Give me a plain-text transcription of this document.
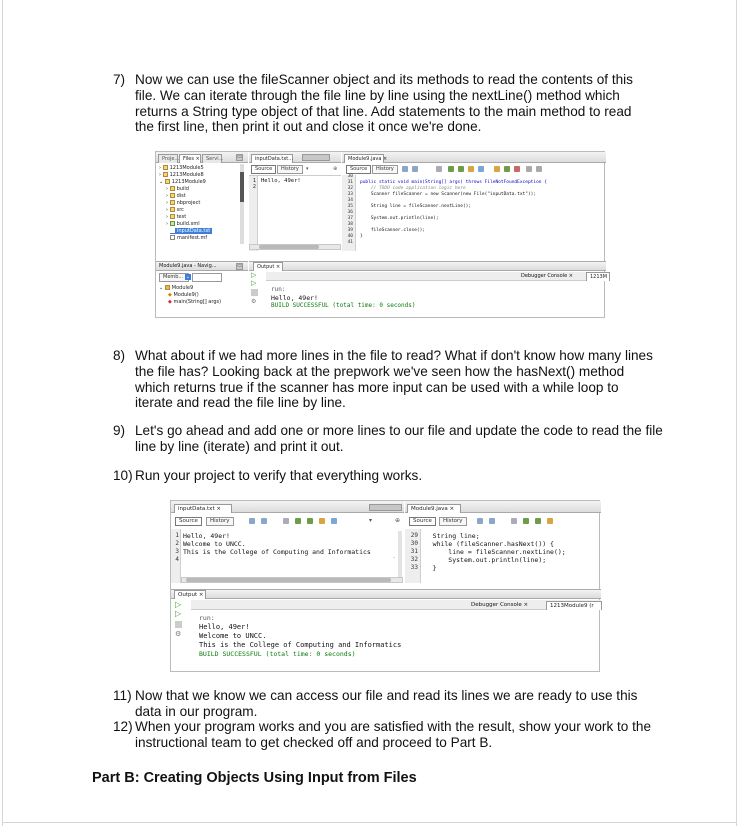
7) Now we can use the fileScanner object and its methods to read the contents of this file. We can iterate through the file line by line using the nextLine() method which returns a String type object of that line. Add statements to the main method to read the first line, then print it out and close it once we're done.
Proje... Files ×	Servi...	▭
› 1213Module5
› 1213Module8
⌄ 1213Module9
› build
› dist
› nbproject
› src
› test
› build.xml
inputData.txt
manifest.mf
inputData.txt...
Source	History	▾	⊕
1
2
Hello, 49er!
Module9.java ×
Source	History
30
31
32
33
34
35
36
37
38
39
40
41
public static void main(String[] args) throws FileNotFoundException {
// TODO code application logic here
Scanner fileScanner = new Scanner(new File("inputData.txt"));
String line = fileScanner.nextLine();
System.out.println(line);
fileScanner.close();
}
Module9.java - Navig...	▭
Memb... ⌄
⌄ Module9
◆ Module9()
◆ main(String[] args)
Output ×
Debugger Console ×	1213M
▷
▷
⚙
run:
Hello, 49er!
BUILD SUCCESSFUL (total time: 0 seconds)
8) What about if we had more lines in the file to read? What if don't know how many lines the file has? Looking back at the prepwork we've seen how the hasNext() method which returns true if the scanner has more input can be used with a while loop to iterate and read the file line by line.
9) Let's go ahead and add one or more lines to our file and update the code to read the file line by line (iterate) and print it out.
10) Run your project to verify that everything works.
inputData.txt ×
Source	History	▾	⊕
1
2
3
4
Hello, 49er!
Welcome to UNCC.
This is the College of Computing and Informatics
.
Module9.java ×
Source	History
29
30
31
32
33
String line;
while (fileScanner.hasNext()) {
line = fileScanner.nextLine();
System.out.println(line);
}
Output ×
Debugger Console ×	1213Module9 (r
▷
▷
⚙
run:
Hello, 49er!
Welcome to UNCC.
This is the College of Computing and Informatics
BUILD SUCCESSFUL (total time: 0 seconds)
11) Now that we know we can access our file and read its lines we are ready to use this data in our program.
12) When your program works and you are satisfied with the result, show your work to the instructional team to get checked off and proceed to Part B.
Part B: Creating Objects Using Input from Files
